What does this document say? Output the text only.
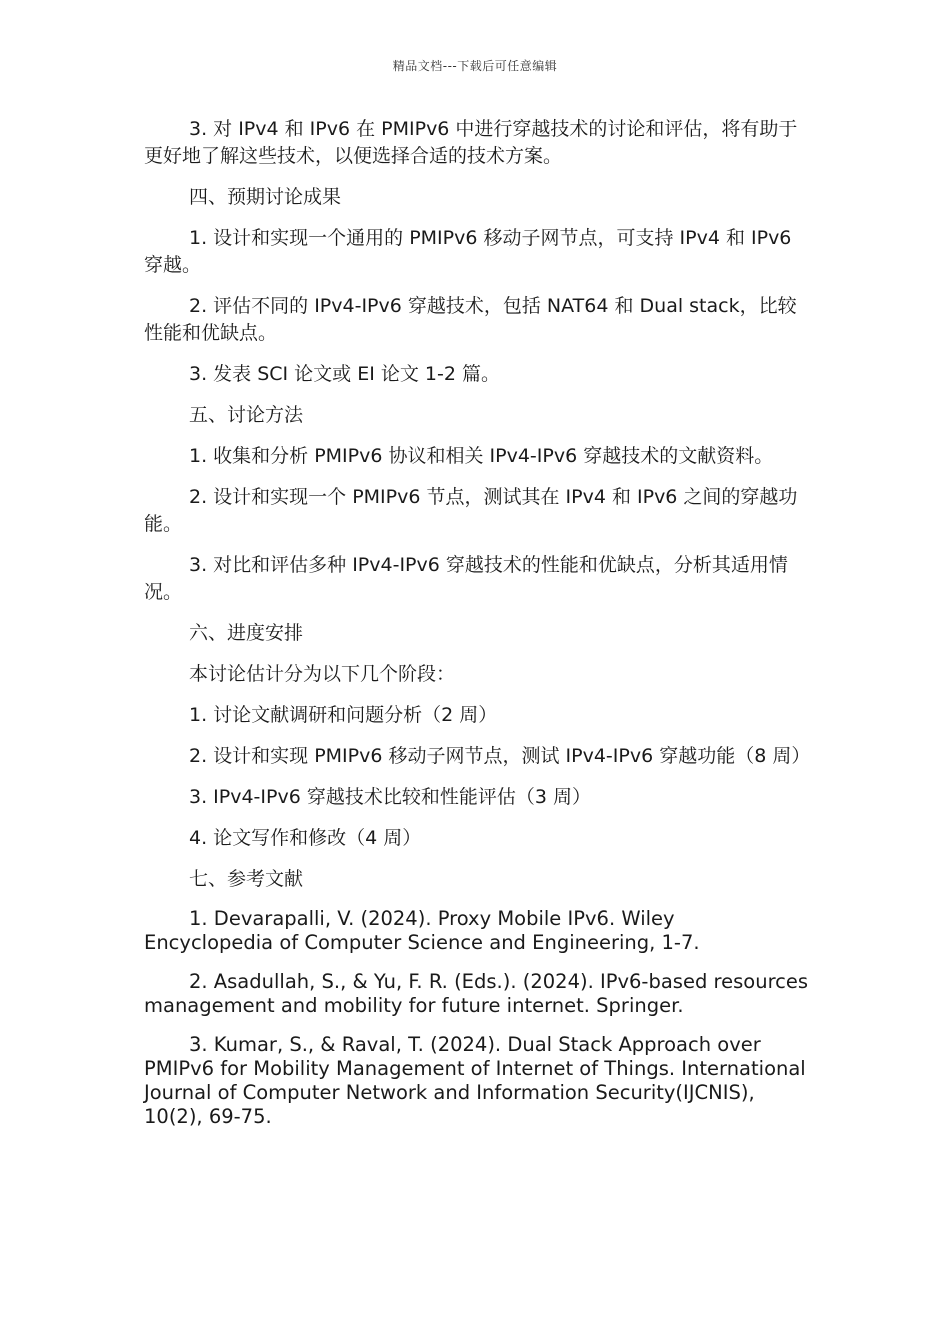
精品文档---下载后可任意编辑

3. 对 IPv4 和 IPv6 在 PMIPv6 中进行穿越技术的讨论和评估，将有助于更好地了解这些技术，以便选择合适的技术方案。

四、预期讨论成果

1. 设计和实现一个通用的 PMIPv6 移动子网节点，可支持 IPv4 和 IPv6 穿越。

2. 评估不同的 IPv4-IPv6 穿越技术，包括 NAT64 和 Dual stack，比较性能和优缺点。

3. 发表 SCI 论文或 EI 论文 1-2 篇。

五、讨论方法

1. 收集和分析 PMIPv6 协议和相关 IPv4-IPv6 穿越技术的文献资料。

2. 设计和实现一个 PMIPv6 节点，测试其在 IPv4 和 IPv6 之间的穿越功能。

3. 对比和评估多种 IPv4-IPv6 穿越技术的性能和优缺点，分析其适用情况。

六、进度安排

本讨论估计分为以下几个阶段：

1. 讨论文献调研和问题分析（2 周）

2. 设计和实现 PMIPv6 移动子网节点，测试 IPv4-IPv6 穿越功能（8 周）

3. IPv4-IPv6 穿越技术比较和性能评估（3 周）

4. 论文写作和修改（4 周）

七、参考文献

1. Devarapalli, V. (2024). Proxy Mobile IPv6. Wiley Encyclopedia of Computer Science and Engineering, 1-7.

2. Asadullah, S., & Yu, F. R. (Eds.). (2024). IPv6-based resources management and mobility for future internet. Springer.

3. Kumar, S., & Raval, T. (2024). Dual Stack Approach over PMIPv6 for Mobility Management of Internet of Things. International Journal of Computer Network and Information Security(IJCNIS), 10(2), 69-75.
